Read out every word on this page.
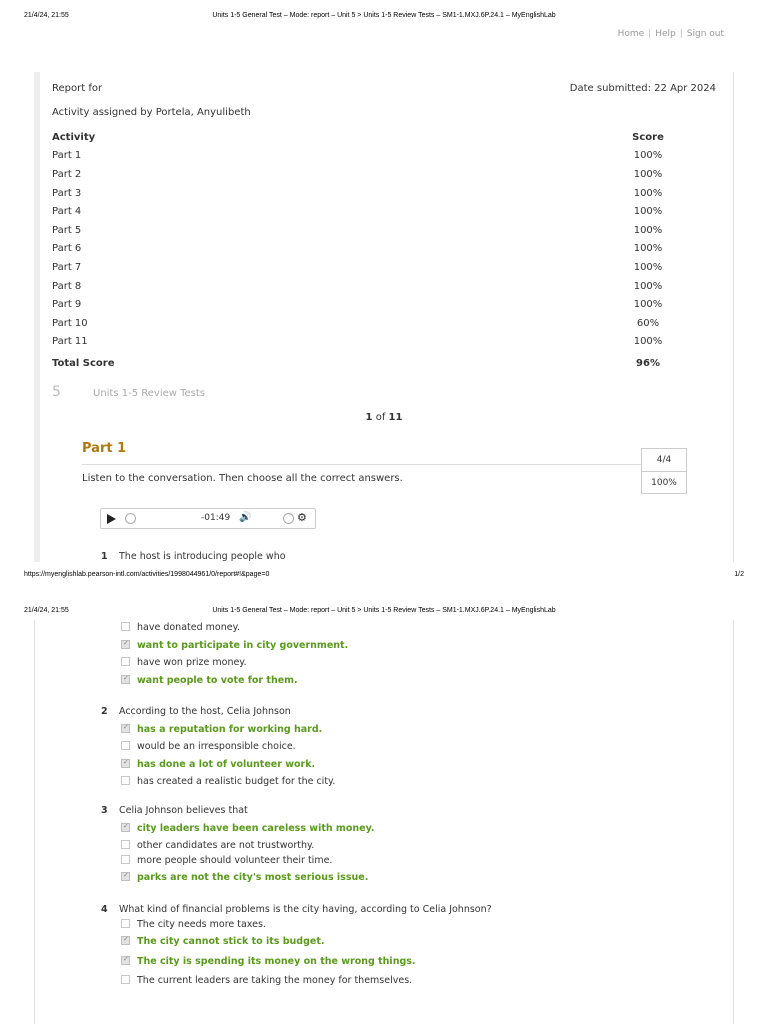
21/4/24, 21:55	Units 1-5 General Test – Mode: report – Unit 5 > Units 1-5 Review Tests – SM1-1.MXJ.6P.24.1 – MyEnglishLab
Home | Help | Sign out
Report for	Date submitted: 22 Apr 2024
Activity assigned by Portela, Anyulibeth
Activity	Score
Part 1	100%
Part 2	100%
Part 3	100%
Part 4	100%
Part 5	100%
Part 6	100%
Part 7	100%
Part 8	100%
Part 9	100%
Part 10	60%
Part 11	100%
Total Score	96%
5	Units 1-5 Review Tests
1 of 11
Part 1
4/4
100%
Listen to the conversation. Then choose all the correct answers.
-01:49 🔊	⚙
1 The host is introducing people who
https://myenglishlab.pearson-intl.com/activities/1998044961/0/report#!&page=0	1/2
21/4/24, 21:55	Units 1-5 General Test – Mode: report – Unit 5 > Units 1-5 Review Tests – SM1-1.MXJ.6P.24.1 – MyEnglishLab
have donated money.
✓want to participate in city government.
have won prize money.
✓want people to vote for them.
2 According to the host, Celia Johnson
✓has a reputation for working hard.
would be an irresponsible choice.
✓has done a lot of volunteer work.
has created a realistic budget for the city.
3 Celia Johnson believes that
✓city leaders have been careless with money.
other candidates are not trustworthy.
more people should volunteer their time.
✓parks are not the city's most serious issue.
4 What kind of financial problems is the city having, according to Celia Johnson?
The city needs more taxes.
✓The city cannot stick to its budget.
✓The city is spending its money on the wrong things.
The current leaders are taking the money for themselves.
